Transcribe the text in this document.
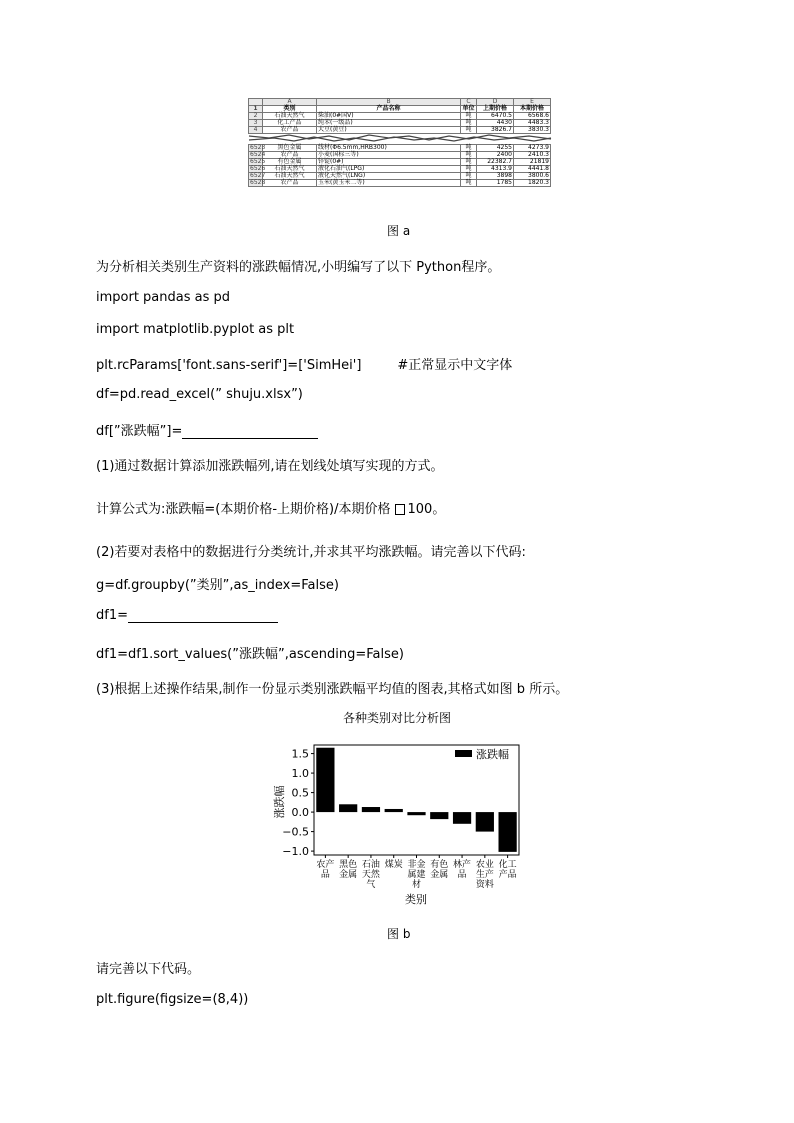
	A	B	C	D	E
1	类别	产品名称	单位	上期价格	本期价格
2	石油天然气	柴油(0#国V)	吨	6470.5	6568.6
3	化工产品	纯苯(一级品)	吨	4430	4483.3
4	农产品	大豆(黄豆)	吨	3826.7	3830.3

6523	黑色金属	线材(Φ6.5mm,HRB300)	吨	4255	4273.9
6524	农产品	小麦(国标三等)	吨	2400	2410.3
6525	有色金属	锌锭(0#)	吨	22382.7	21819
6526	石油天然气	液化石油气(LPG)	吨	4313.9	4441.8
6527	石油天然气	液化天然气(LNG)	吨	3898	3800.6
6528	农产品	玉米(黄玉米二等)	吨	1785	1820.3
图 a
为分析相关类别生产资料的涨跌幅情况,小明编写了以下 Python程序。
import pandas as pd
import matplotlib.pyplot as plt
plt.rcParams['font.sans-serif']=['SimHei']	#正常显示中文字体
df=pd.read_excel(” shuju.xlsx”)
df[”涨跌幅”]=
(1)通过数据计算添加涨跌幅列,请在划线处填写实现的方式。
计算公式为:涨跌幅=(本期价格-上期价格)/本期价格 100。
(2)若要对表格中的数据进行分类统计,并求其平均涨跌幅。请完善以下代码:
g=df.groupby(”类别”,as_index=False)
df1=
df1=df1.sort_values(”涨跌幅”,ascending=False)
(3)根据上述操作结果,制作一份显示类别涨跌幅平均值的图表,其格式如图 b 所示。
各种类别对比分析图
类别
涨跌幅
1.5
1.0
0.5
0.0
−0.5
−1.0
农产品
黑色金属
石油天然气
煤炭 非金属建材
有色金属
林产品
农业生产资料
化工产品
涨跌幅
图 b
请完善以下代码。
plt.figure(figsize=(8,4))
